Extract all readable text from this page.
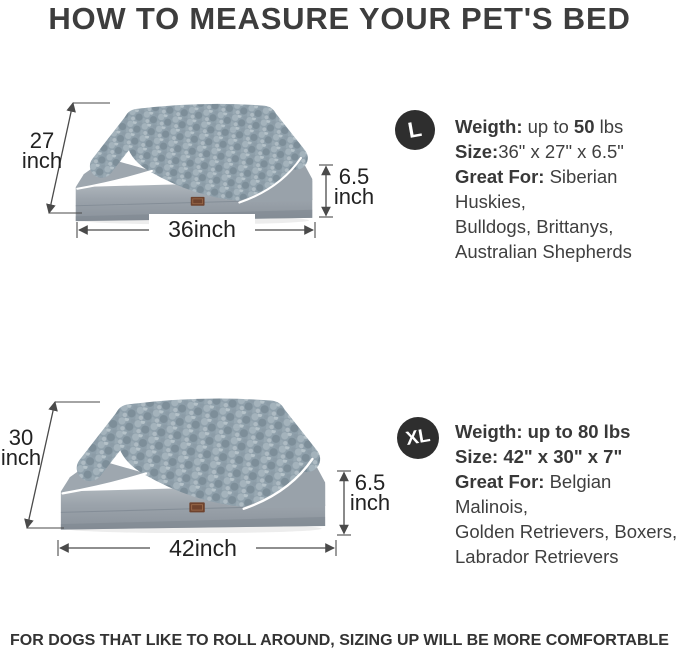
HOW TO MEASURE YOUR PET'S BED
27
inch
6.5
inch
36inch
L Weigth: up to 50 lbs
Size:36" x 27" x 6.5"
Great For: Siberian Huskies,
Bulldogs, Brittanys,
Australian Shepherds
30
inch
6.5
inch
42inch
XL Weigth: up to 80 lbs
Size: 42" x 30" x 7"
Great For: Belgian Malinois,
Golden Retrievers, Boxers,
Labrador Retrievers
FOR DOGS THAT LIKE TO ROLL AROUND, SIZING UP WILL BE MORE COMFORTABLE
